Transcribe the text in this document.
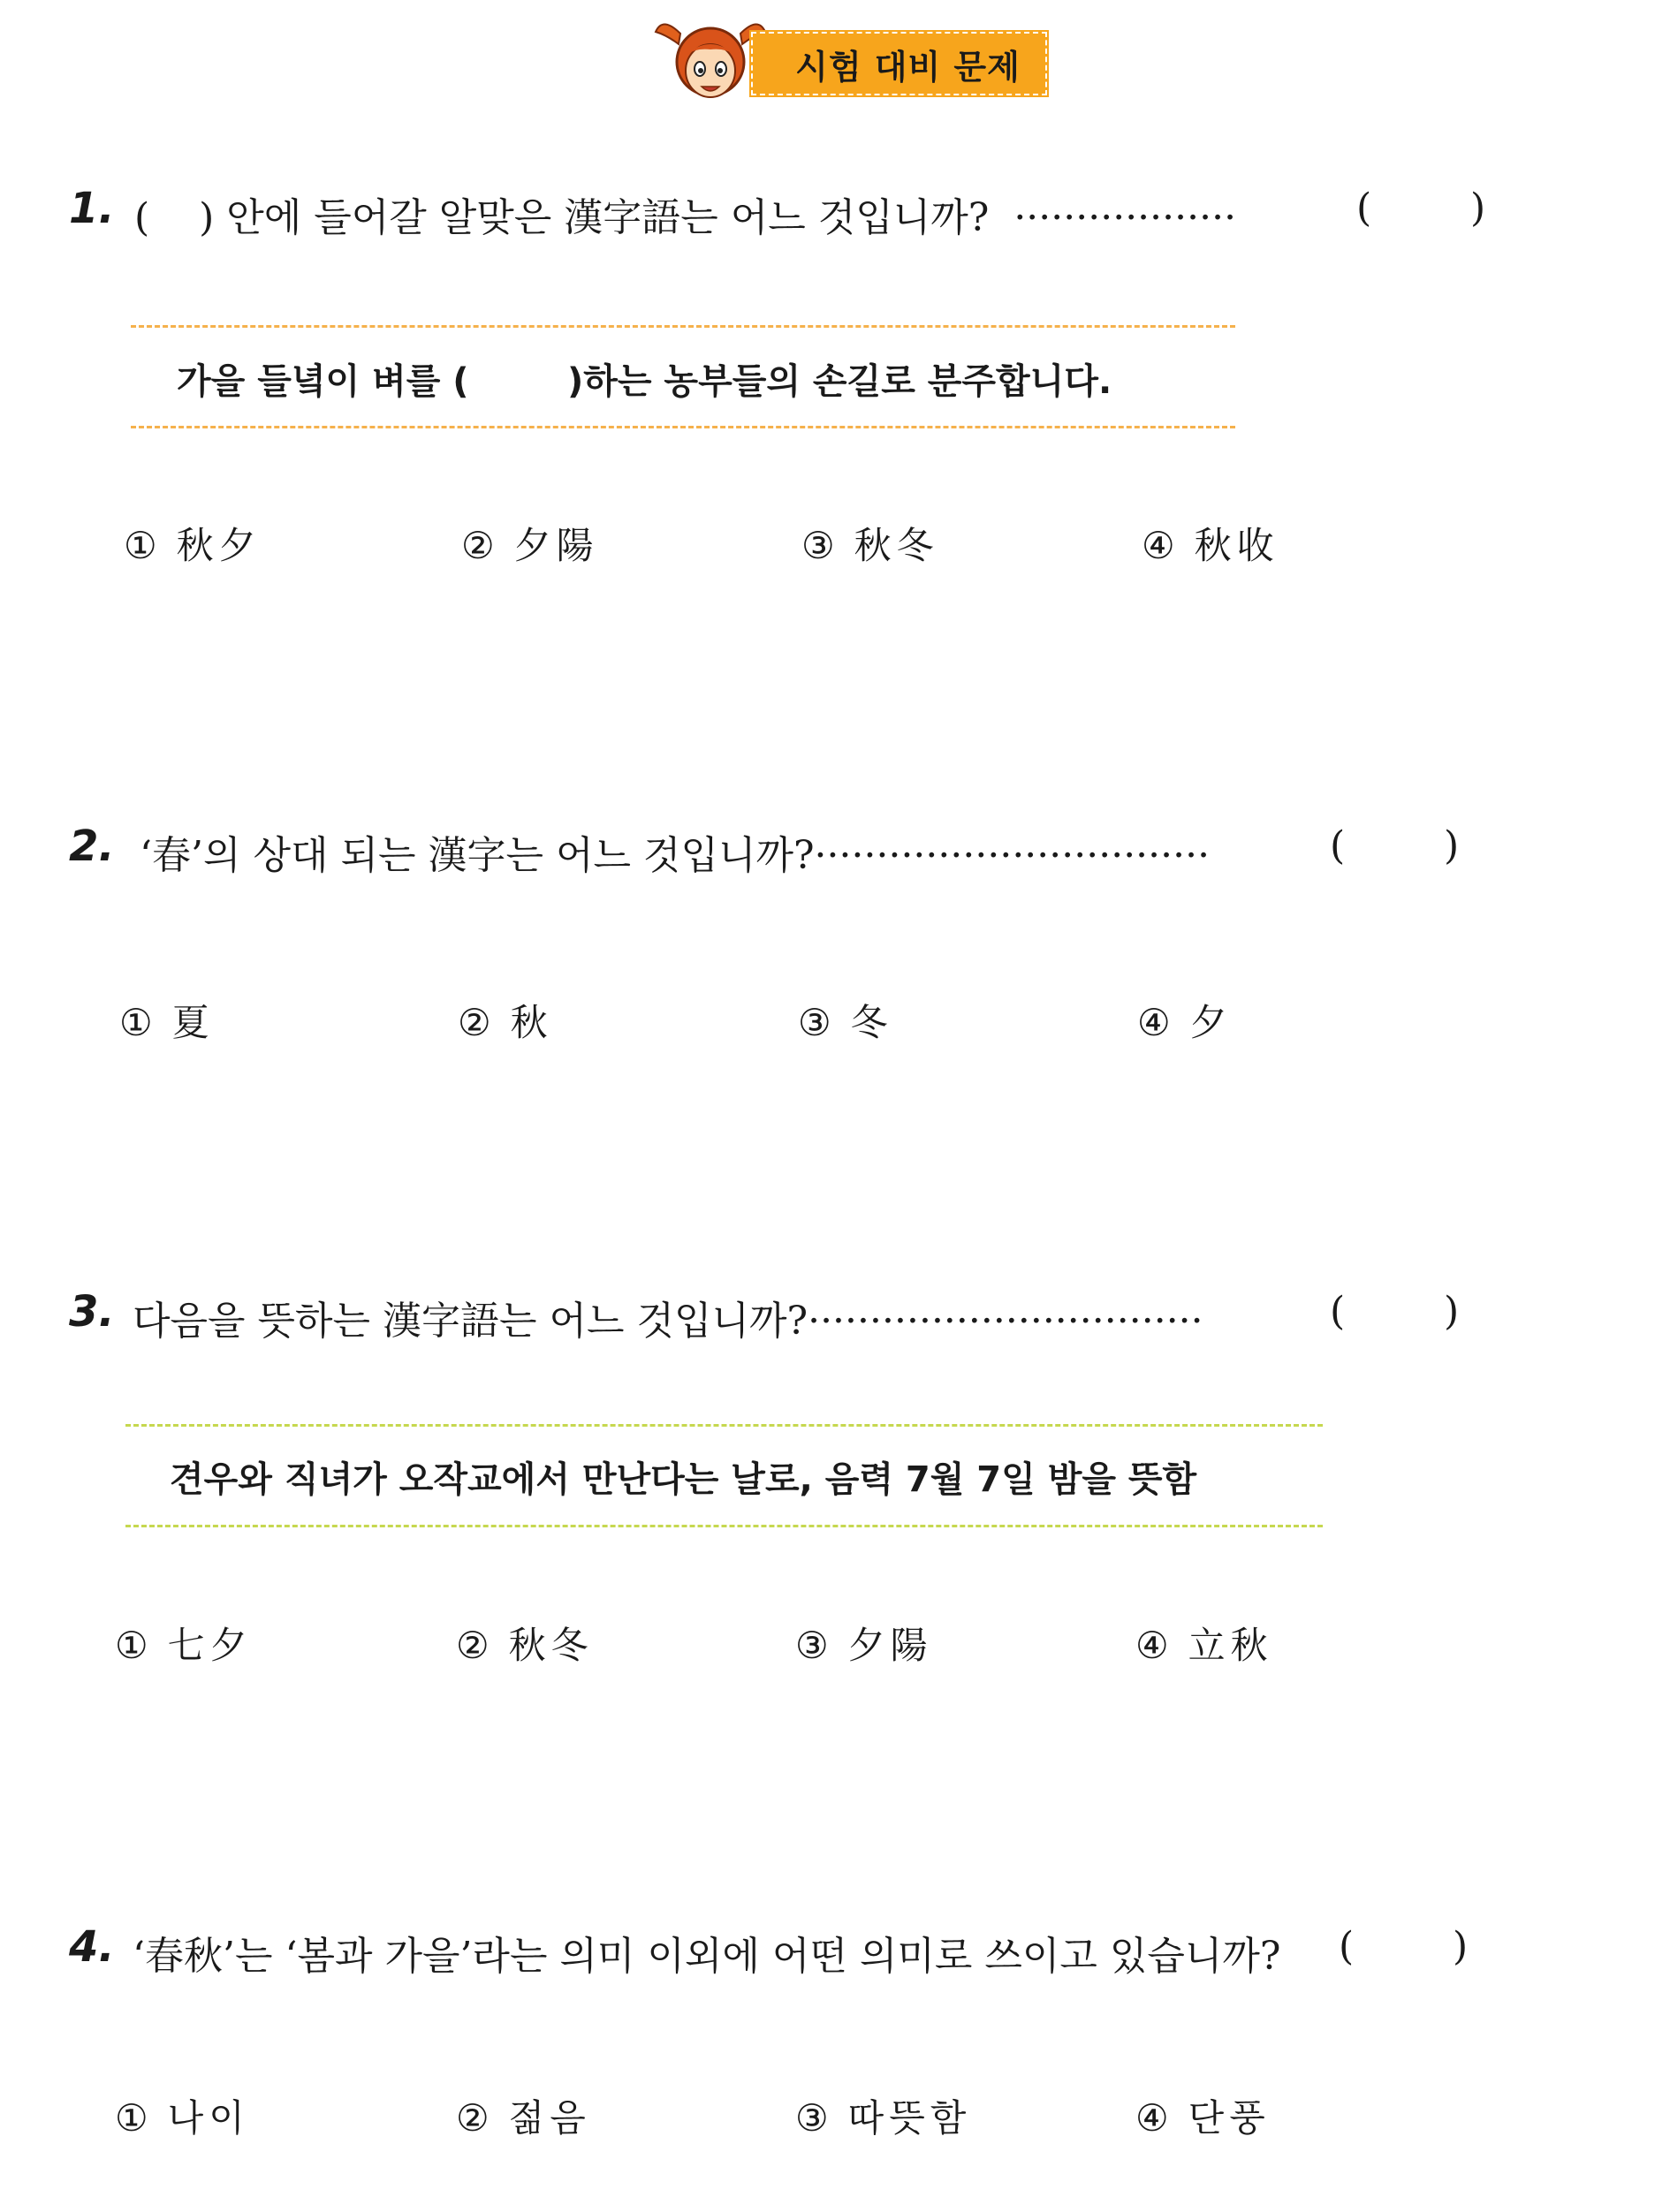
시험 대비 문제
1. (    ) 안에 들어갈 알맞은 漢字語는 어느 것입니까?  ··················	(        )
가을 들녘이 벼를 (        )하는 농부들의 손길로 분주합니다.
① 秋夕	② 夕陽	③ 秋冬	④ 秋收
2. ‘春’의 상대 되는 漢字는 어느 것입니까?································	(        )
① 夏	② 秋	③ 冬	④ 夕
3. 다음을 뜻하는 漢字語는 어느 것입니까?································	(        )
견우와 직녀가 오작교에서 만난다는 날로, 음력 7월 7일 밤을 뜻함
① 七夕	② 秋冬	③ 夕陽	④ 立秋
4. ‘春秋’는 ‘봄과 가을’라는 의미 이외에 어떤 의미로 쓰이고 있습니까? (        )
① 나이	② 젊음	③ 따뜻함	④ 단풍
